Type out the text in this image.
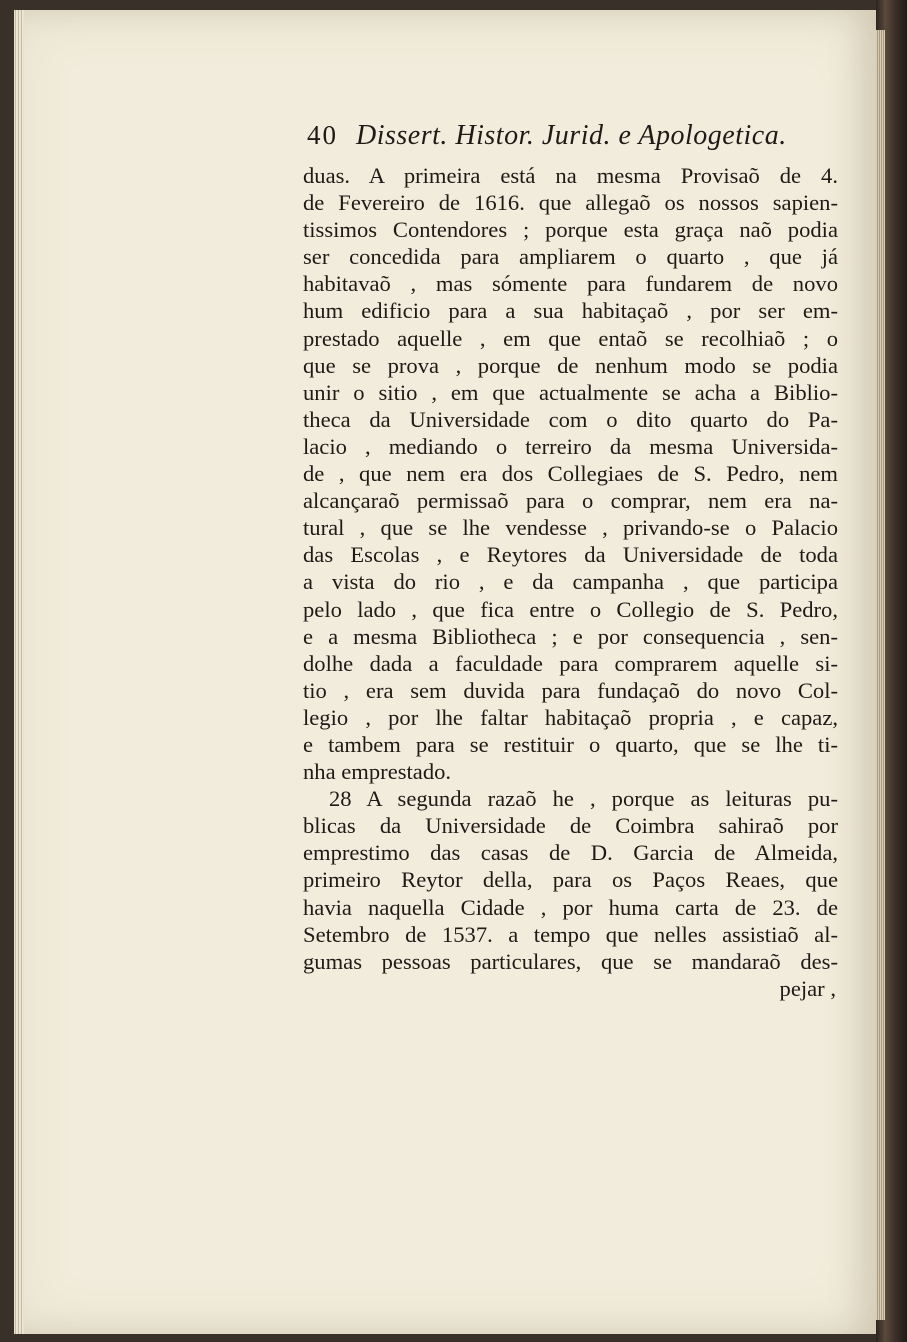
40 Dissert. Histor. Jurid. e Apologetica.
duas. A primeira está na mesma Provisaõ de 4.
de Fevereiro de 1616. que allegaõ os nossos sapien-
tissimos Contendores ; porque esta graça naõ podia
ser concedida para ampliarem o quarto , que já
habitavaõ , mas sómente para fundarem de novo
hum edificio para a sua habitaçaõ , por ser em-
prestado aquelle , em que entaõ se recolhiaõ ; o
que se prova , porque de nenhum modo se podia
unir o sitio , em que actualmente se acha a Biblio-
theca da Universidade com o dito quarto do Pa-
lacio , mediando o terreiro da mesma Universida-
de , que nem era dos Collegiaes de S. Pedro, nem
alcançaraõ permissaõ para o comprar, nem era na-
tural , que se lhe vendesse , privando-se o Palacio
das Escolas , e Reytores da Universidade de toda
a vista do rio , e da campanha , que participa
pelo lado , que fica entre o Collegio de S. Pedro,
e a mesma Bibliotheca ; e por consequencia , sen-
dolhe dada a faculdade para comprarem aquelle si-
tio , era sem duvida para fundaçaõ do novo Col-
legio , por lhe faltar habitaçaõ propria , e capaz,
e tambem para se restituir o quarto, que se lhe ti-
nha emprestado.
28 A segunda razaõ he , porque as leituras pu-
blicas da Universidade de Coimbra sahiraõ por
emprestimo das casas de D. Garcia de Almeida,
primeiro Reytor della, para os Paços Reaes, que
havia naquella Cidade , por huma carta de 23. de
Setembro de 1537. a tempo que nelles assistiaõ al-
gumas pessoas particulares, que se mandaraõ des-
pejar ,
